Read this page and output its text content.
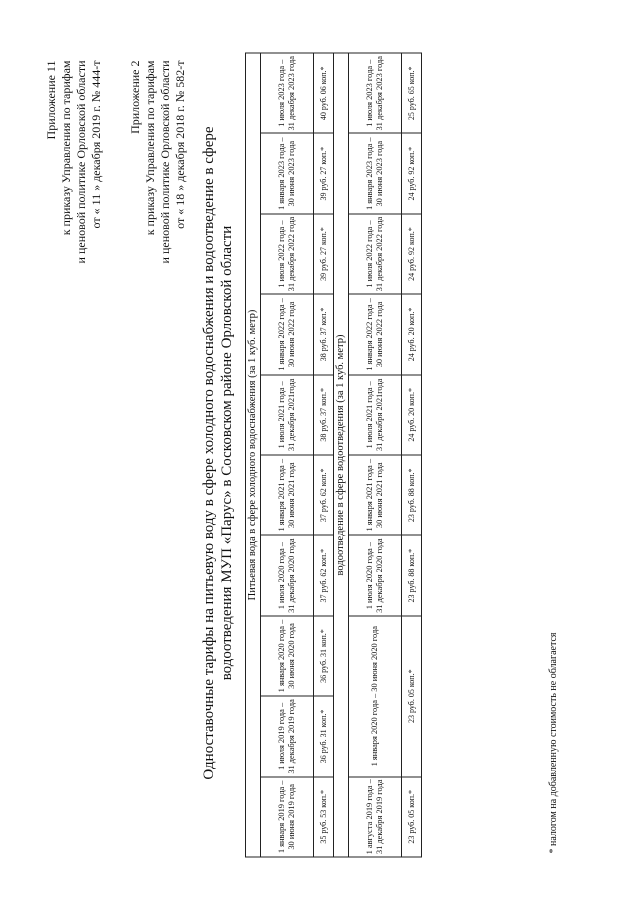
Приложение 11 к приказу Управления по тарифам и ценовой политике Орловской области от « 11 » декабря 2019 г. № 444-т Приложение 2 к приказу Управления по тарифам и ценовой политике Орловской области от « 18 » декабря 2018 г. № 582-т Одноставочные тарифы на питьевую воду в сфере холодного водоснабжения и водоотведение в сфере водоотведения МУП «Парус» в Сосковском районе Орловской области Питьевая вода в сфере холодного водоснабжения (за 1 куб. метр)									
1 января 2019 года – 30 июня 2019 года	1 июля 2019 года – 31 декабря 2019 года	1 января 2020 года – 30 июня 2020 года	1 июля 2020 года – 31 декабря 2020 года	1 января 2021 года – 30 июня 2021 года	1 июля 2021 года – 31 декабря 2021года	1 января 2022 года – 30 июня 2022 года	1 июля 2022 года – 31 декабря 2022 года	1 января 2023 года – 30 июня 2023 года	1 июля 2023 года – 31 декабря 2023 года
35 руб. 53 коп.*	36 руб. 31 коп.*	36 руб. 31 коп.*	37 руб. 62 коп.*	37 руб. 62 коп.*	38 руб. 37 коп.*	38 руб. 37 коп.*	39 руб. 27 коп.*	39 руб. 27 коп.*	40 руб. 06 коп.*
водоотведение в сфере водоотведения (за 1 куб. метр)									
1 августа 2019 года – 31 декабря 2019 года	1 января 2020 года – 30 июня 2020 года		1 июля 2020 года – 31 декабря 2020 года	1 января 2021 года – 30 июня 2021 года	1 июля 2021 года – 31 декабря 2021года	1 января 2022 года – 30 июня 2022 года	1 июля 2022 года – 31 декабря 2022 года	1 января 2023 года – 30 июня 2023 года	1 июля 2023 года – 31 декабря 2023 года
23 руб. 05 коп.*	23 руб. 05 коп.*		23 руб. 88 коп.*	23 руб. 88 коп.*	24 руб. 20 коп.*	24 руб. 20 коп.*	24 руб. 92 коп.*	24 руб. 92 коп.*	25 руб. 65 коп.*
* налогом на добавленную стоимость не облагается
